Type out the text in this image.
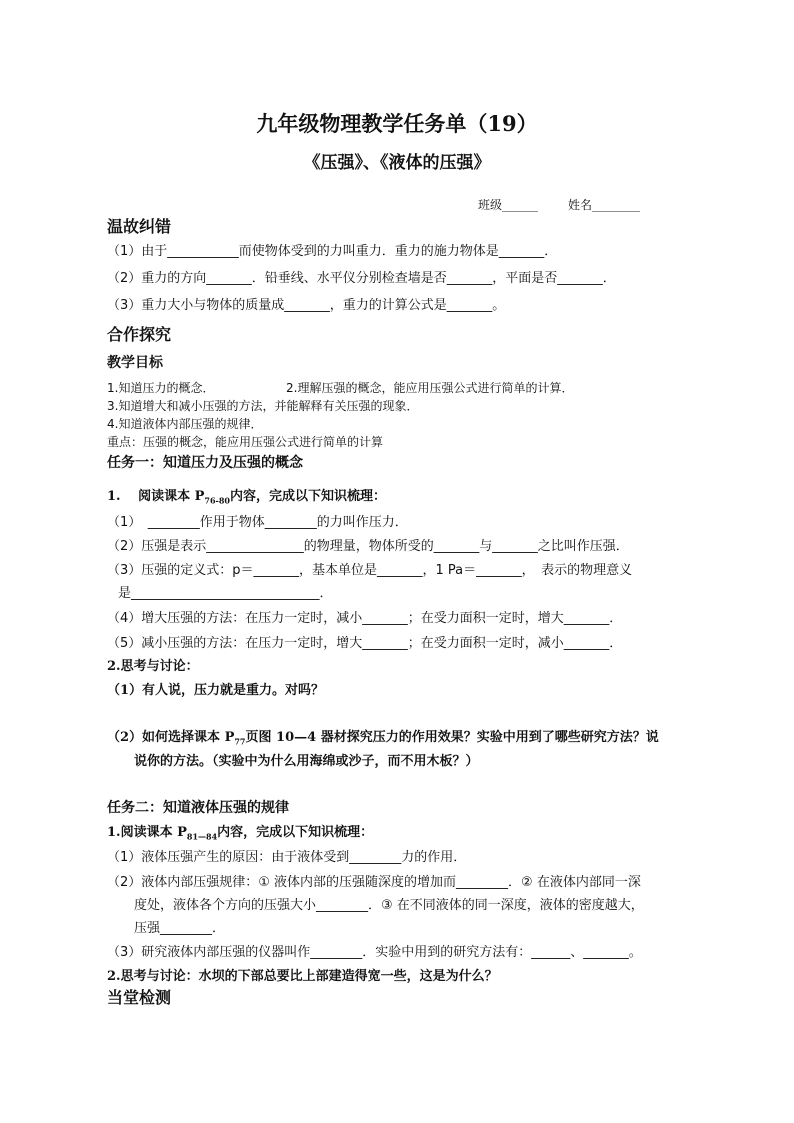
九年级物理教学任务单（19）
《压强》、《液体的压强》
班级______ 姓名________
温故纠错
（1）由于___________而使物体受到的力叫重力．重力的施力物体是_______．
（2）重力的方向_______．铅垂线、水平仪分别检查墙是否_______，平面是否_______．
（3）重力大小与物体的质量成_______，重力的计算公式是_______。
合作探究
教学目标
1.知道压力的概念．	2.理解压强的概念，能应用压强公式进行简单的计算．
3.知道增大和减小压强的方法，并能解释有关压强的现象．
4.知道液体内部压强的规律．
重点：压强的概念，能应用压强公式进行简单的计算
任务一：知道压力及压强的概念
1.　 阅读课本 $P_{76-80}$内容，完成以下知识梳理：
（1）　________作用于物体________的力叫作压力．
（2）压强是表示_______________的物理量，物体所受的_______与_______之比叫作压强．
（3）压强的定义式：p＝_______，基本单位是_______，1 Pa＝_______，　表示的物理意义
是_____________________________．
（4）增大压强的方法：在压力一定时，减小_______；在受力面积一定时，增大_______．
（5）减小压强的方法：在压力一定时，增大_______；在受力面积一定时，减小_______．
2.思考与讨论：
（1）有人说，压力就是重力。对吗？
（2）如何选择课本 $P_{77}$页图 10—4 器材探究压力的作用效果？实验中用到了哪些研究方法？说
说你的方法。（实验中为什么用海绵或沙子，而不用木板？）
任务二：知道液体压强的规律
1.阅读课本 $P_{81—84}$内容，完成以下知识梳理：
（1）液体压强产生的原因：由于液体受到________力的作用．
（2）液体内部压强规律：① 液体内部的压强随深度的增加而________．② 在液体内部同一深
度处，液体各个方向的压强大小________．③ 在不同液体的同一深度，液体的密度越大，
压强________．
（3）研究液体内部压强的仪器叫作________．实验中用到的研究方法有：______、_______。
2.思考与讨论：水坝的下部总要比上部建造得宽一些，这是为什么？
当堂检测
